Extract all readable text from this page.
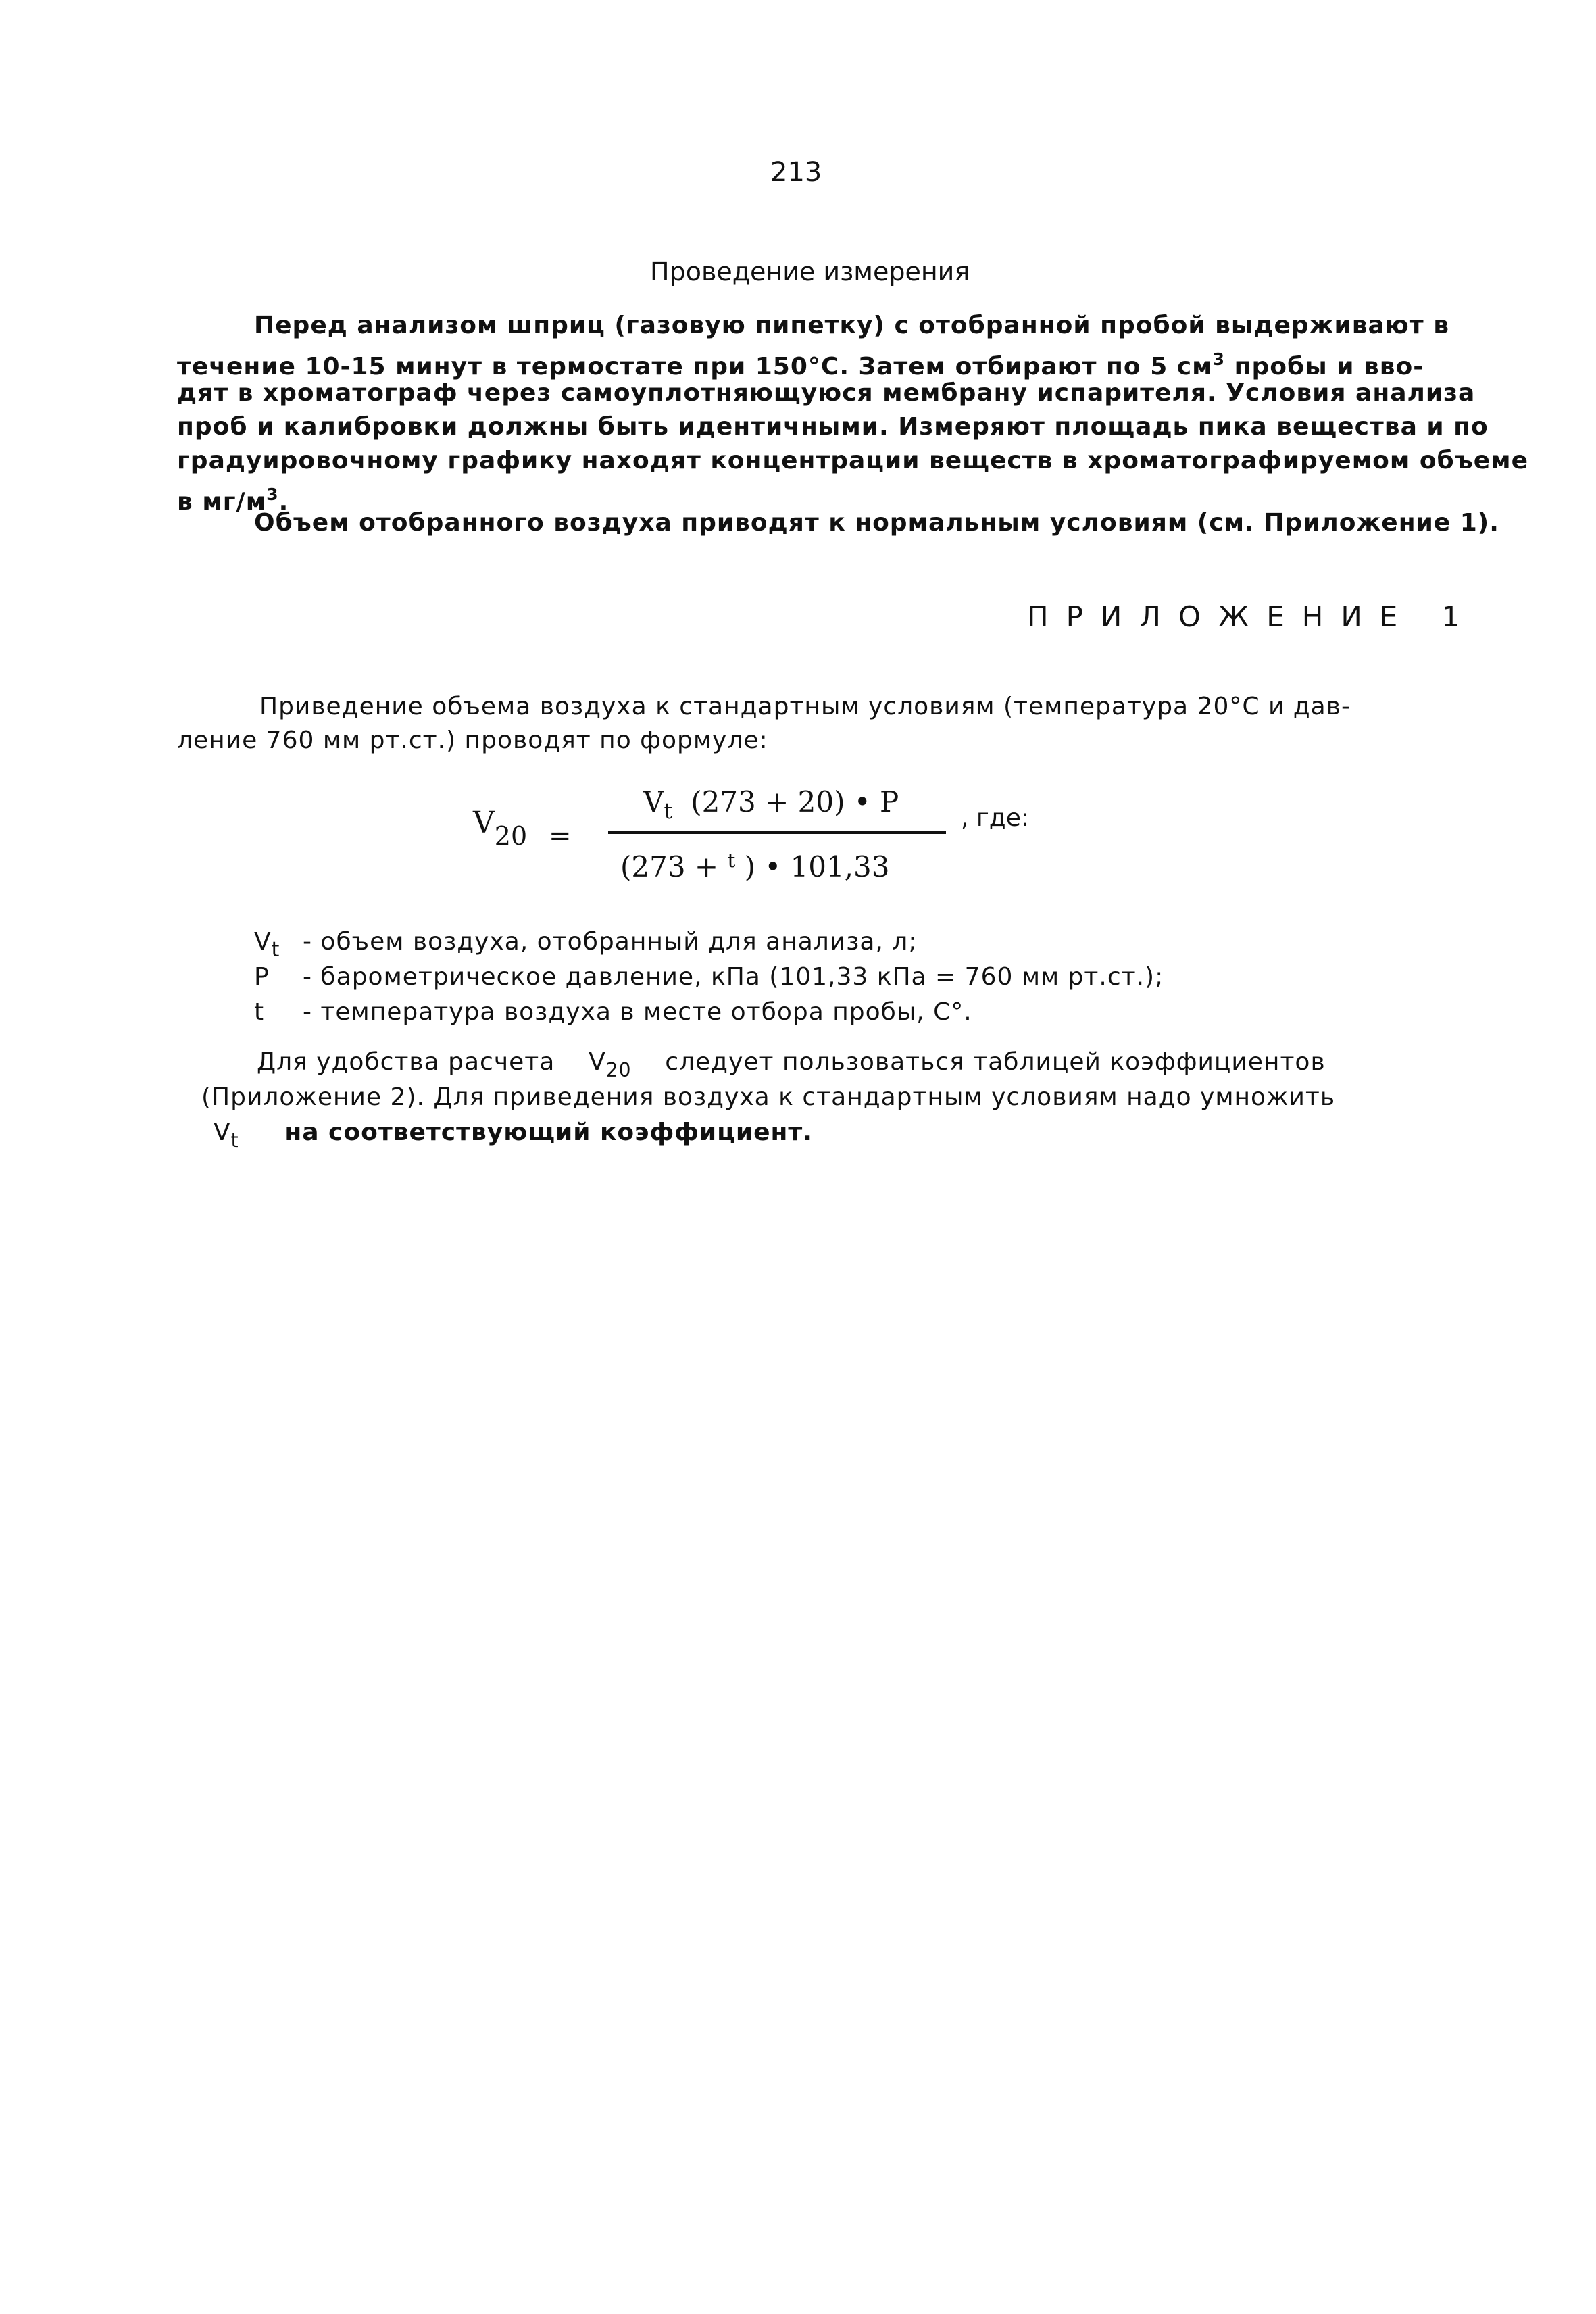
213
Проведение измерения
Перед анализом шприц (газовую пипетку) с отобранной пробой выдерживают в
течение 10-15 минут в термостате при 150°С. Затем отбирают по 5 $см^3$ пробы и вво-
дят в хроматограф через самоуплотняющуюся мембрану испарителя. Условия анализа
проб и калибровки должны быть идентичными. Измеряют площадь пика вещества и по
градуировочному графику находят концентрации веществ в хроматографируемом объеме
в $мг/м^3$.
Объем отобранного воздуха приводят к нормальным условиям (см. Приложение 1).
ПРИЛОЖЕНИЕ 1
Приведение объема воздуха к стандартным условиям (температура 20°С и дав-
ление 760 мм рт.ст.) проводят по формуле:
$V_{20}$ =
$V_t$ (273 + 20) • P
(273 + $^t$ ) • 101,33
, где:
$V_t$ - объем воздуха, отобранный для анализа, л;
P - барометрическое давление, кПа (101,33 кПа = 760 мм рт.ст.);
t - температура воздуха в месте отбора пробы, С°.
Для удобства расчета $V_{20}$ следует пользоваться таблицей коэффициентов
(Приложение 2). Для приведения воздуха к стандартным условиям надо умножить
$V_t$ на соответствующий коэффициент.
